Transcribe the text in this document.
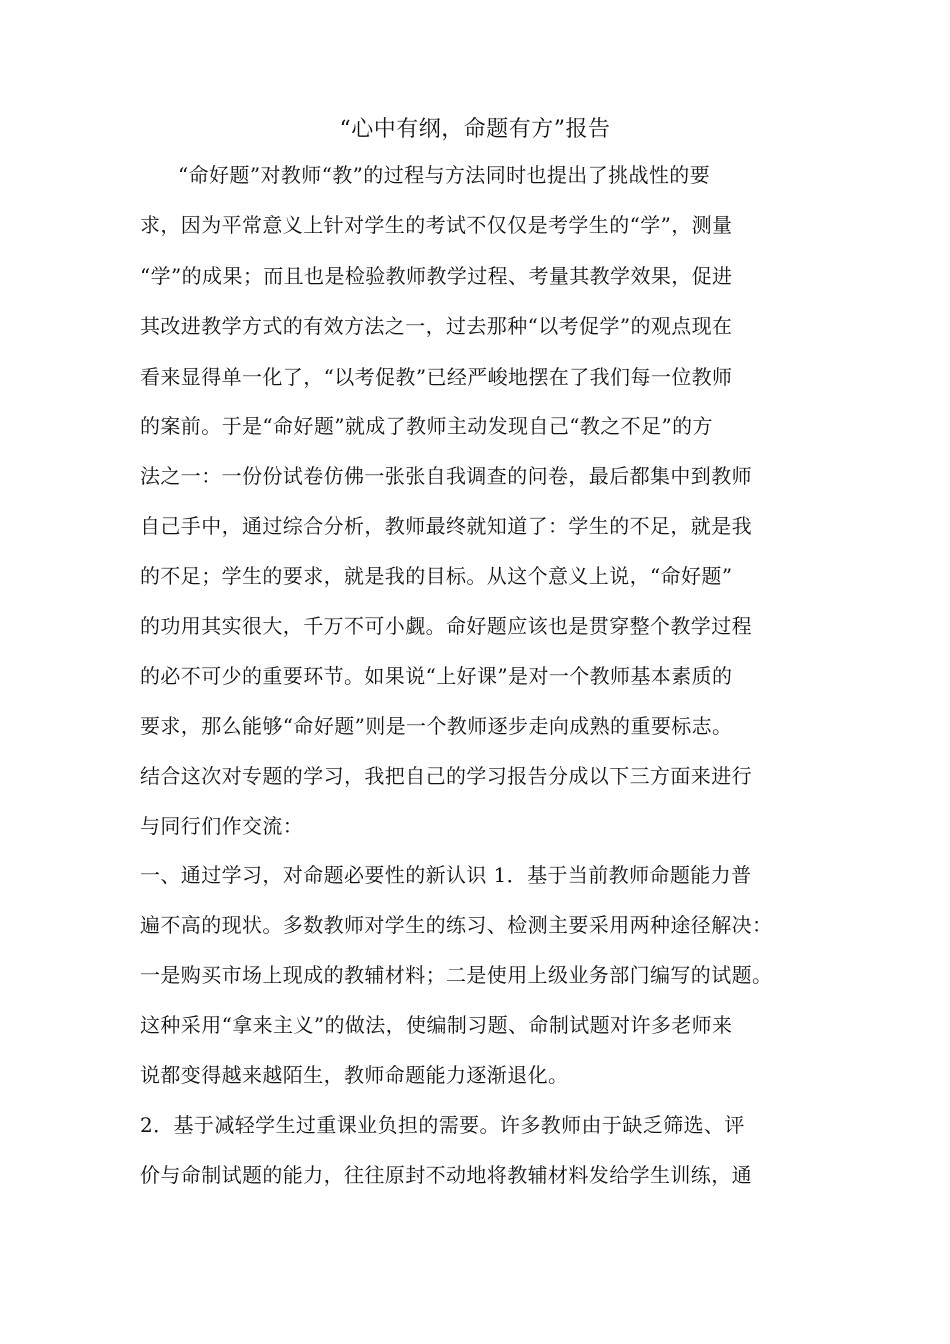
“心中有纲，命题有方”报告
“命好题”对教师“教”的过程与方法同时也提出了挑战性的要
求，因为平常意义上针对学生的考试不仅仅是考学生的“学”，测量
“学”的成果；而且也是检验教师教学过程、考量其教学效果，促进
其改进教学方式的有效方法之一，过去那种“以考促学”的观点现在
看来显得单一化了，“以考促教”已经严峻地摆在了我们每一位教师
的案前。于是“命好题”就成了教师主动发现自己“教之不足”的方
法之一：一份份试卷仿佛一张张自我调查的问卷，最后都集中到教师
自己手中，通过综合分析，教师最终就知道了：学生的不足，就是我
的不足；学生的要求，就是我的目标。从这个意义上说，“命好题”
的功用其实很大，千万不可小觑。命好题应该也是贯穿整个教学过程
的必不可少的重要环节。如果说“上好课”是对一个教师基本素质的
要求，那么能够“命好题”则是一个教师逐步走向成熟的重要标志。
结合这次对专题的学习，我把自己的学习报告分成以下三方面来进行
与同行们作交流：
一、通过学习，对命题必要性的新认识 1．基于当前教师命题能力普
遍不高的现状。多数教师对学生的练习、检测主要采用两种途径解决：
一是购买市场上现成的教辅材料；二是使用上级业务部门编写的试题。
这种采用“拿来主义”的做法，使编制习题、命制试题对许多老师来
说都变得越来越陌生，教师命题能力逐渐退化。
2．基于减轻学生过重课业负担的需要。许多教师由于缺乏筛选、评
价与命制试题的能力，往往原封不动地将教辅材料发给学生训练，通
